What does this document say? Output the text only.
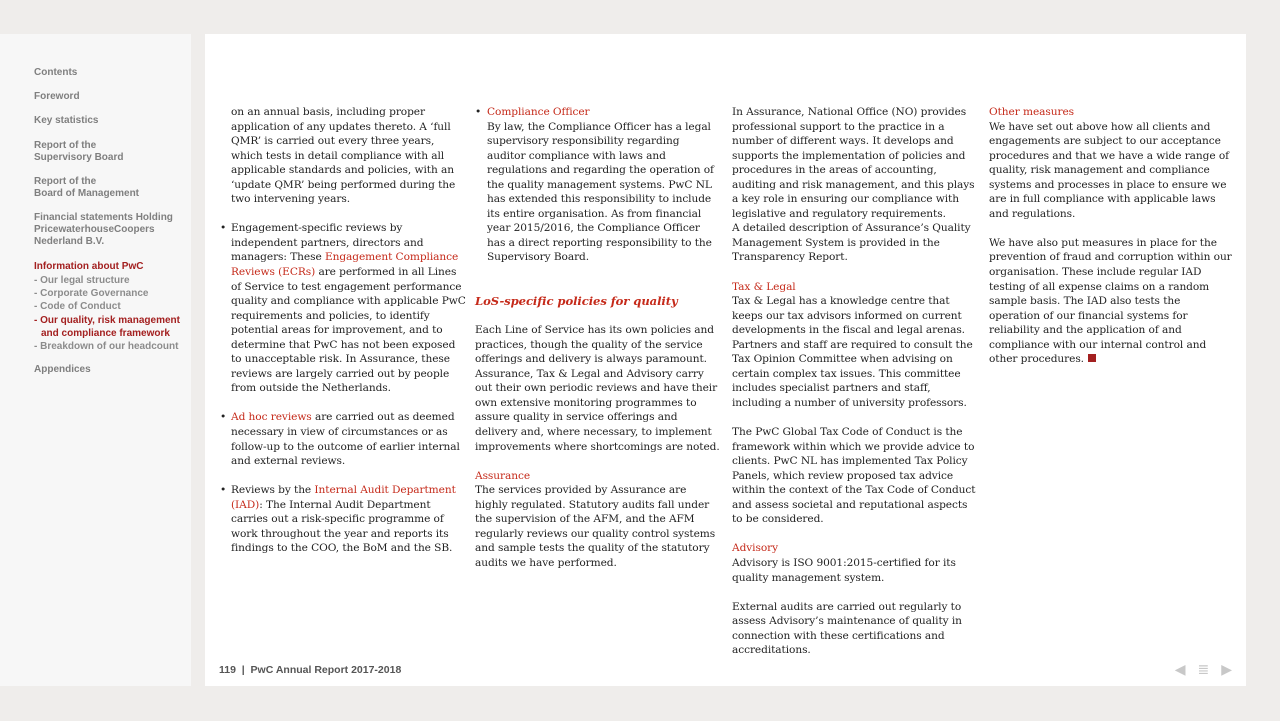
Contents
Foreword
Key statistics
Report of the
Supervisory Board
Report of the
Board of Management
Financial statements Holding
PricewaterhouseCoopers
Nederland B.V.
Information about PwC
- Our legal structure
- Corporate Governance
- Code of Conduct
- Our quality, risk management and compliance framework
- Breakdown of our headcount
Appendices

on an annual basis, including proper application of any updates thereto. A ‘full QMR’ is carried out every three years, which tests in detail compliance with all applicable standards and policies, with an ‘update QMR’ being performed during the two intervening years.

• Engagement-specific reviews by independent partners, directors and managers: These Engagement Compliance Reviews (ECRs) are performed in all Lines of Service to test engagement performance quality and compliance with applicable PwC requirements and policies, to identify potential areas for improvement, and to determine that PwC has not been exposed to unacceptable risk. In Assurance, these reviews are largely carried out by people from outside the Netherlands.

• Ad hoc reviews are carried out as deemed necessary in view of circumstances or as follow-up to the outcome of earlier internal and external reviews.

• Reviews by the Internal Audit Department (IAD): The Internal Audit Department carries out a risk-specific programme of work throughout the year and reports its findings to the COO, the BoM and the SB.

• Compliance Officer
By law, the Compliance Officer has a legal supervisory responsibility regarding auditor compliance with laws and regulations and regarding the operation of the quality management systems. PwC NL has extended this responsibility to include its entire organisation. As from financial year 2015/2016, the Compliance Officer has a direct reporting responsibility to the Supervisory Board.

LoS-specific policies for quality

Each Line of Service has its own policies and practices, though the quality of the service offerings and delivery is always paramount. Assurance, Tax & Legal and Advisory carry out their own periodic reviews and have their own extensive monitoring programmes to assure quality in service offerings and delivery and, where necessary, to implement improvements where shortcomings are noted.

Assurance

The services provided by Assurance are highly regulated. Statutory audits fall under the supervision of the AFM, and the AFM regularly reviews our quality control systems and sample tests the quality of the statutory audits we have performed.

In Assurance, National Office (NO) provides professional support to the practice in a number of different ways. It develops and supports the implementation of policies and procedures in the areas of accounting, auditing and risk management, and this plays a key role in ensuring our compliance with legislative and regulatory requirements.

A detailed description of Assurance’s Quality Management System is provided in the Transparency Report.

Tax & Legal

Tax & Legal has a knowledge centre that keeps our tax advisors informed on current developments in the fiscal and legal arenas. Partners and staff are required to consult the Tax Opinion Committee when advising on certain complex tax issues. This committee includes specialist partners and staff, including a number of university professors.

The PwC Global Tax Code of Conduct is the framework within which we provide advice to clients. PwC NL has implemented Tax Policy Panels, which review proposed tax advice within the context of the Tax Code of Conduct and assess societal and reputational aspects to be considered.

Advisory

Advisory is ISO 9001:2015-certified for its quality management system.

External audits are carried out regularly to assess Advisory’s maintenance of quality in connection with these certifications and accreditations.

Other measures

We have set out above how all clients and engagements are subject to our acceptance procedures and that we have a wide range of quality, risk management and compliance systems and processes in place to ensure we are in full compliance with applicable laws and regulations.

We have also put measures in place for the prevention of fraud and corruption within our organisation. These include regular IAD testing of all expense claims on a random sample basis. The IAD also tests the operation of our financial systems for reliability and the application of and compliance with our internal control and other procedures.

119  |  PwC Annual Report 2017-2018	◀ ≣ ▶
